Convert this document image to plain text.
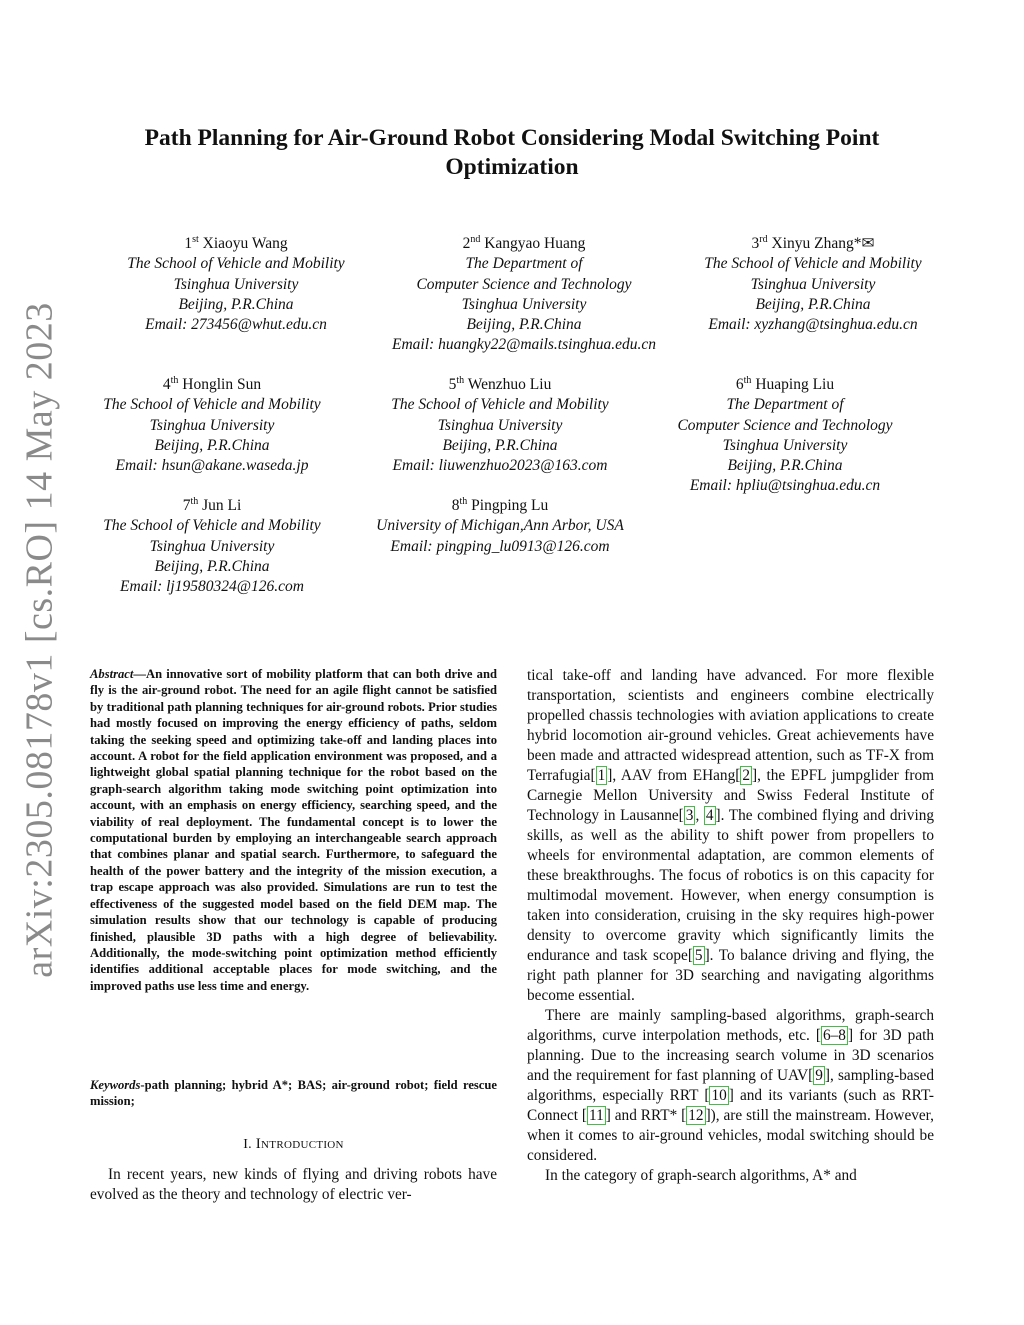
arXiv:2305.08178v1 [cs.RO] 14 May 2023
Path Planning for Air-Ground Robot Considering Modal Switching Point Optimization
1st Xiaoyu Wang
The School of Vehicle and Mobility
Tsinghua University
Beijing, P.R.China
Email: 273456@whut.edu.cn
2nd Kangyao Huang
The Department of
Computer Science and Technology
Tsinghua University
Beijing, P.R.China
Email: huangky22@mails.tsinghua.edu.cn
3rd Xinyu Zhang*✉
The School of Vehicle and Mobility
Tsinghua University
Beijing, P.R.China
Email: xyzhang@tsinghua.edu.cn
4th Honglin Sun
The School of Vehicle and Mobility
Tsinghua University
Beijing, P.R.China
Email: hsun@akane.waseda.jp
5th Wenzhuo Liu
The School of Vehicle and Mobility
Tsinghua University
Beijing, P.R.China
Email: liuwenzhuo2023@163.com
6th Huaping Liu
The Department of
Computer Science and Technology
Tsinghua University
Beijing, P.R.China
Email: hpliu@tsinghua.edu.cn
7th Jun Li
The School of Vehicle and Mobility
Tsinghua University
Beijing, P.R.China
Email: lj19580324@126.com
8th Pingping Lu
University of Michigan,Ann Arbor, USA
Email: pingping_lu0913@126.com
Abstract—An innovative sort of mobility platform that can both drive and fly is the air-ground robot. The need for an agile flight cannot be satisfied by traditional path planning techniques for air-ground robots. Prior studies had mostly focused on improving the energy efficiency of paths, seldom taking the seeking speed and optimizing take-off and landing places into account. A robot for the field application environment was proposed, and a lightweight global spatial planning technique for the robot based on the graph-search algorithm taking mode switching point optimization into account, with an emphasis on energy efficiency, searching speed, and the viability of real deployment. The fundamental concept is to lower the computational burden by employing an interchangeable search approach that combines planar and spatial search. Furthermore, to safeguard the health of the power battery and the integrity of the mission execution, a trap escape approach was also provided. Simulations are run to test the effectiveness of the suggested model based on the field DEM map. The simulation results show that our technology is capable of producing finished, plausible 3D paths with a high degree of believability. Additionally, the mode-switching point optimization method efficiently identifies additional acceptable places for mode switching, and the improved paths use less time and energy.
Keywords-path planning; hybrid A*; BAS; air-ground robot; field rescue mission;
I. Introduction

In recent years, new kinds of flying and driving robots have evolved as the theory and technology of electric ver-

tical take-off and landing have advanced. For more flexible transportation, scientists and engineers combine electrically propelled chassis technologies with aviation applications to create hybrid locomotion air-ground vehicles. Great achievements have been made and attracted widespread attention, such as TF-X from Terrafugia[ 1 ], AAV from EHang[ 2 ], the EPFL jumpglider from Carnegie Mellon University and Swiss Federal Institute of Technology in Lausanne[ 3 , 4 ]. The combined flying and driving skills, as well as the ability to shift power from propellers to wheels for environmental adaptation, are common elements of these breakthroughs. The focus of robotics is on this capacity for multimodal movement. However, when energy consumption is taken into consideration, cruising in the sky requires high-power density to overcome gravity which significantly limits the endurance and task scope[ 5 ]. To balance driving and flying, the right path planner for 3D searching and navigating algorithms become essential.

There are mainly sampling-based algorithms, graph-search algorithms, curve interpolation methods, etc. [ 6–8 ] for 3D path planning. Due to the increasing search volume in 3D scenarios and the requirement for fast planning of UAV[ 9 ], sampling-based algorithms, especially RRT [ 10 ] and its variants (such as RRT-Connect [ 11 ] and RRT* [ 12 ]), are still the mainstream. However, when it comes to air-ground vehicles, modal switching should be considered.

In the category of graph-search algorithms, A* and
